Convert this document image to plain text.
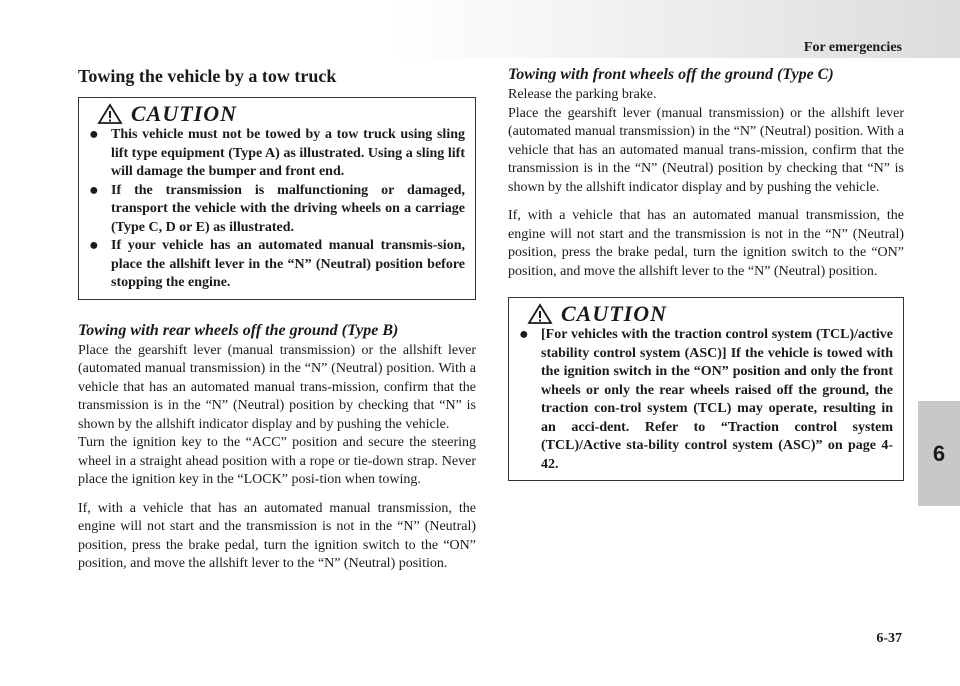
For emergencies
Towing the vehicle by a tow truck
CAUTION
● This vehicle must not be towed by a tow truck using sling lift type equipment (Type A) as illustrated. Using a sling lift will damage the bumper and front end.
● If the transmission is malfunctioning or damaged, transport the vehicle with the driving wheels on a carriage (Type C, D or E) as illustrated.
● If your vehicle has an automated manual transmis-sion, place the allshift lever in the “N” (Neutral) position before stopping the engine.
Towing with rear wheels off the ground (Type B)

Place the gearshift lever (manual transmission) or the allshift lever (automated manual transmission) in the “N” (Neutral) position. With a vehicle that has an automated manual trans-mission, confirm that the transmission is in the “N” (Neutral) position by checking that “N” is shown by the allshift indicator display and by pushing the vehicle.

Turn the ignition key to the “ACC” position and secure the steering wheel in a straight ahead position with a rope or tie-down strap. Never place the ignition key in the “LOCK” posi-tion when towing.

If, with a vehicle that has an automated manual transmission, the engine will not start and the transmission is not in the “N” (Neutral) position, press the brake pedal, turn the ignition switch to the “ON” position, and move the allshift lever to the “N” (Neutral) position.

Towing with front wheels off the ground (Type C)

Release the parking brake.

Place the gearshift lever (manual transmission) or the allshift lever (automated manual transmission) in the “N” (Neutral) position. With a vehicle that has an automated manual trans-mission, confirm that the transmission is in the “N” (Neutral) position by checking that “N” is shown by the allshift indicator display and by pushing the vehicle.

If, with a vehicle that has an automated manual transmission, the engine will not start and the transmission is not in the “N” (Neutral) position, press the brake pedal, turn the ignition switch to the “ON” position, and move the allshift lever to the “N” (Neutral) position.

CAUTION
● [For vehicles with the traction control system (TCL)/active stability control system (ASC)] If the vehicle is towed with the ignition switch in the “ON” position and only the front wheels or only the rear wheels raised off the ground, the traction con-trol system (TCL) may operate, resulting in an acci-dent. Refer to “Traction control system (TCL)/Active sta-bility control system (ASC)” on page 4-42.	6
6-37
